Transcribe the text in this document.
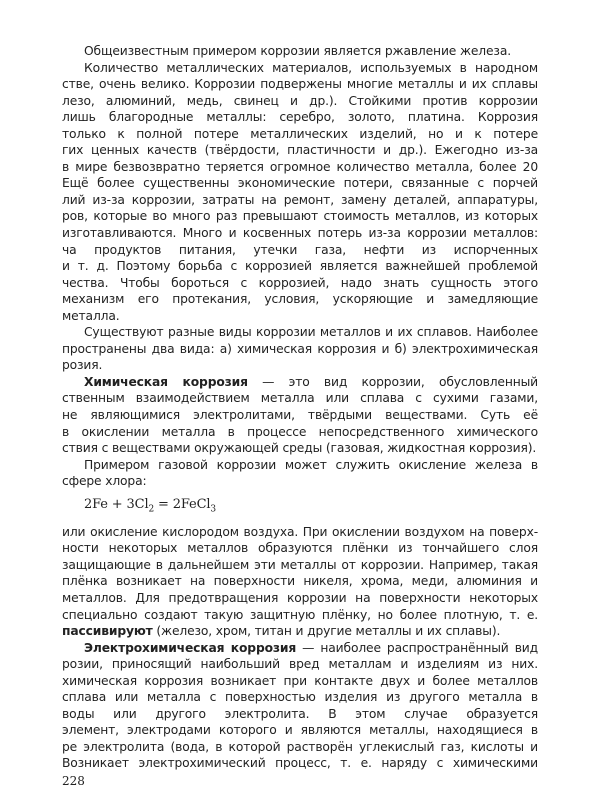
Общеизвестным примером коррозии является ржавление железа.
Количество металлических материалов, используемых в народном
стве, очень велико. Коррозии подвержены многие металлы и их сплавы
лезо, алюминий, медь, свинец и др.). Стойкими против коррозии
лишь благородные металлы: серебро, золото, платина. Коррозия
только к полной потере металлических изделий, но и к потере
гих ценных качеств (твёрдости, пластичности и др.). Ежегодно из-за
в мире безвозвратно теряется огромное количество металла, более 20
Ещё более существенны экономические потери, связанные с порчей
лий из-за коррозии, затраты на ремонт, замену деталей, аппаратуры,
ров, которые во много раз превышают стоимость металлов, из которых
изготавливаются. Много и косвенных потерь из-за коррозии металлов:
ча продуктов питания, утечки газа, нефти из испорченных
и т. д. Поэтому борьба с коррозией является важнейшей проблемой
чества. Чтобы бороться с коррозией, надо знать сущность этого
механизм его протекания, условия, ускоряющие и замедляющие
металла.
Существуют разные виды коррозии металлов и их сплавов. Наиболее
пространены два вида: а) химическая коррозия и б) электрохимическая
розия.
Химическая коррозия — это вид коррозии, обусловленный
ственным взаимодействием металла или сплава с сухими газами,
не являющимися электролитами, твёрдыми веществами. Суть её
в окислении металла в процессе непосредственного химического
ствия с веществами окружающей среды (газовая, жидкостная коррозия).
Примером газовой коррозии может служить окисление железа в
сфере хлора:
$2Fe + 3Cl_2$ = 2FeCl$_3$
или окисление кислородом воздуха. При окислении воздухом на поверх-
ности некоторых металлов образуются плёнки из тончайшего слоя
защищающие в дальнейшем эти металлы от коррозии. Например, такая
плёнка возникает на поверхности никеля, хрома, меди, алюминия и
металлов. Для предотвращения коррозии на поверхности некоторых
специально создают такую защитную плёнку, но более плотную, т. е.
пассивируют (железо, хром, титан и другие металлы и их сплавы).
Электрохимическая коррозия — наиболее распространённый вид
розии, приносящий наибольший вред металлам и изделиям из них.
химическая коррозия возникает при контакте двух и более металлов
сплава или металла с поверхностью изделия из другого металла в
воды или другого электролита. В этом случае образуется
элемент, электродами которого и являются металлы, находящиеся в
ре электролита (вода, в которой растворён углекислый газ, кислоты и
Возникает электрохимический процесс, т. е. наряду с химическими
228
